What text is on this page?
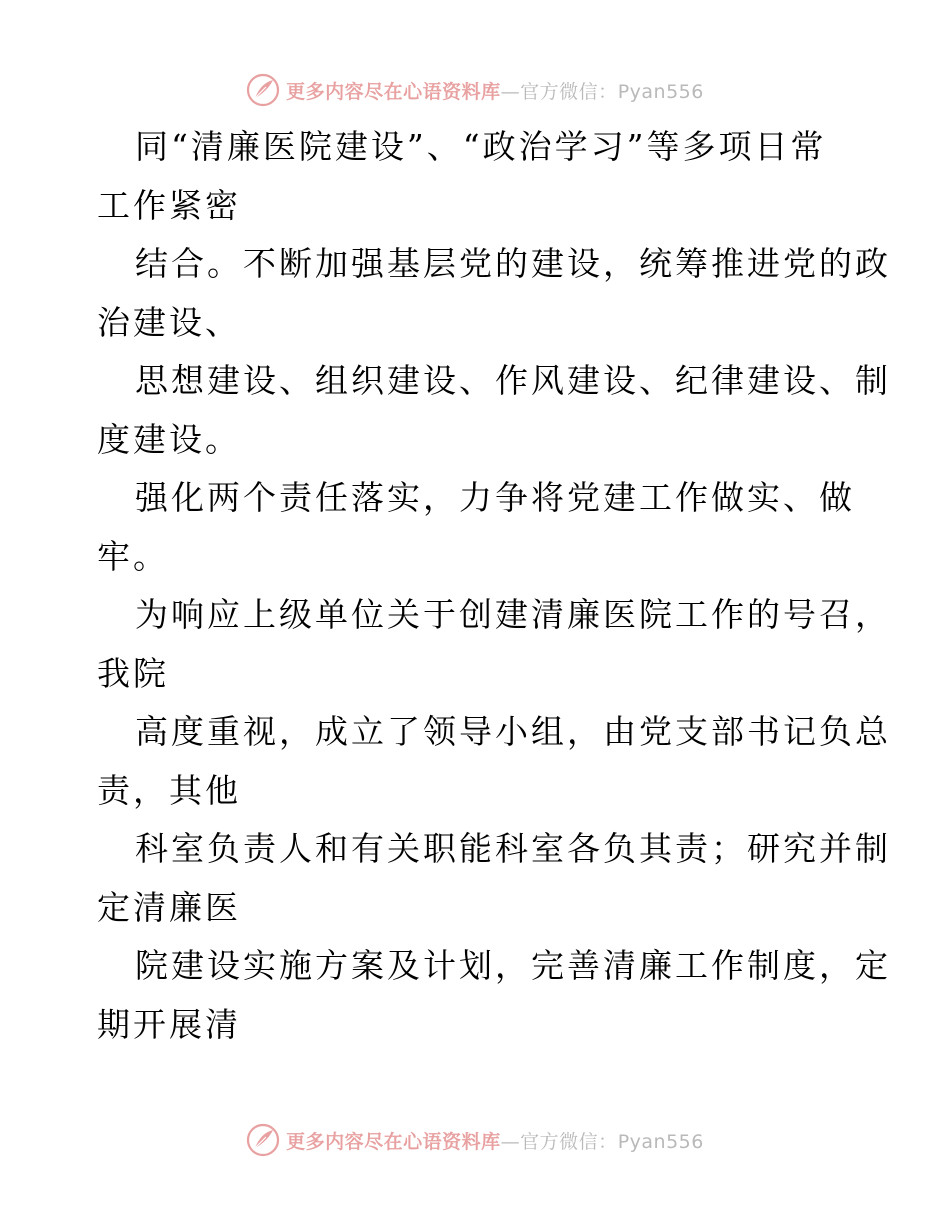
更多内容尽在心语资料库—官方微信：Pyan556
同“清廉医院建设”、“政治学习”等多项日常
工作紧密
结合。不断加强基层党的建设，统筹推进党的政
治建设、
思想建设、组织建设、作风建设、纪律建设、制
度建设。
强化两个责任落实，力争将党建工作做实、做
牢。
为响应上级单位关于创建清廉医院工作的号召，
我院
高度重视，成立了领导小组，由党支部书记负总
责，其他
科室负责人和有关职能科室各负其责；研究并制
定清廉医
院建设实施方案及计划，完善清廉工作制度，定
期开展清
更多内容尽在心语资料库—官方微信：Pyan556
